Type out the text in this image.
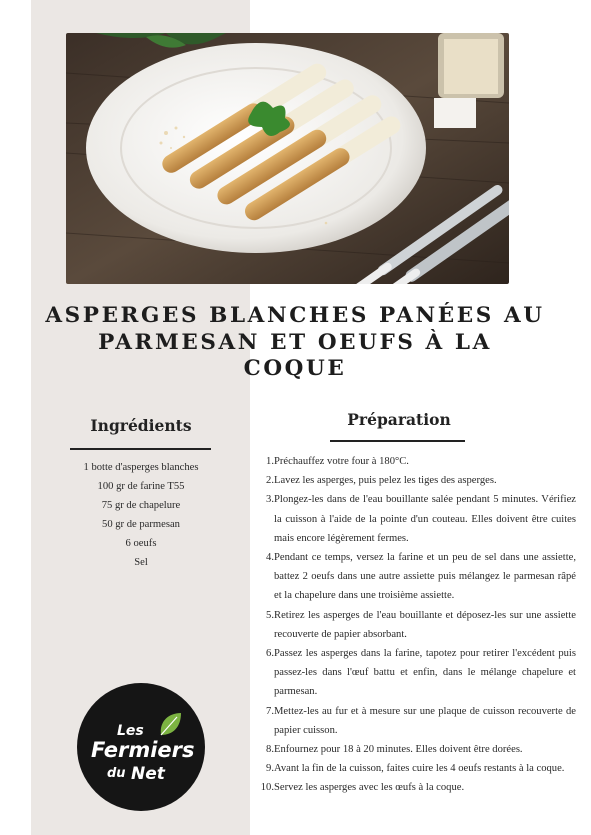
ASPERGES BLANCHES PANÉES AU
PARMESAN ET OEUFS À LA
COQUE
Ingrédients
1 botte d'asperges blanches
100 gr de farine T55
75 gr de chapelure
50 gr de parmesan
6 oeufs
Sel
Préparation
1. Préchauffez votre four à 180°C.
2. Lavez les asperges, puis pelez les tiges des asperges.
3. Plongez-les dans de l'eau bouillante salée pendant 5 minutes. Vérifiez la cuisson à l'aide de la pointe d'un couteau. Elles doivent être cuites mais encore légèrement fermes.
4. Pendant ce temps, versez la farine et un peu de sel dans une assiette, battez 2 oeufs dans une autre assiette puis mélangez le parmesan râpé et la chapelure dans une troisième assiette.
5. Retirez les asperges de l'eau bouillante et déposez-les sur une assiette recouverte de papier absorbant.
6. Passez les asperges dans la farine, tapotez pour retirer l'excédent puis passez-les dans l'œuf battu et enfin, dans le mélange chapelure et parmesan.
7. Mettez-les au fur et à mesure sur une plaque de cuisson recouverte de papier cuisson.
8. Enfournez pour 18 à 20 minutes. Elles doivent être dorées.
9. Avant la fin de la cuisson, faites cuire les 4 oeufs restants à la coque.
10. Servez les asperges avec les œufs à la coque.
Les
Fermiers
du Net
